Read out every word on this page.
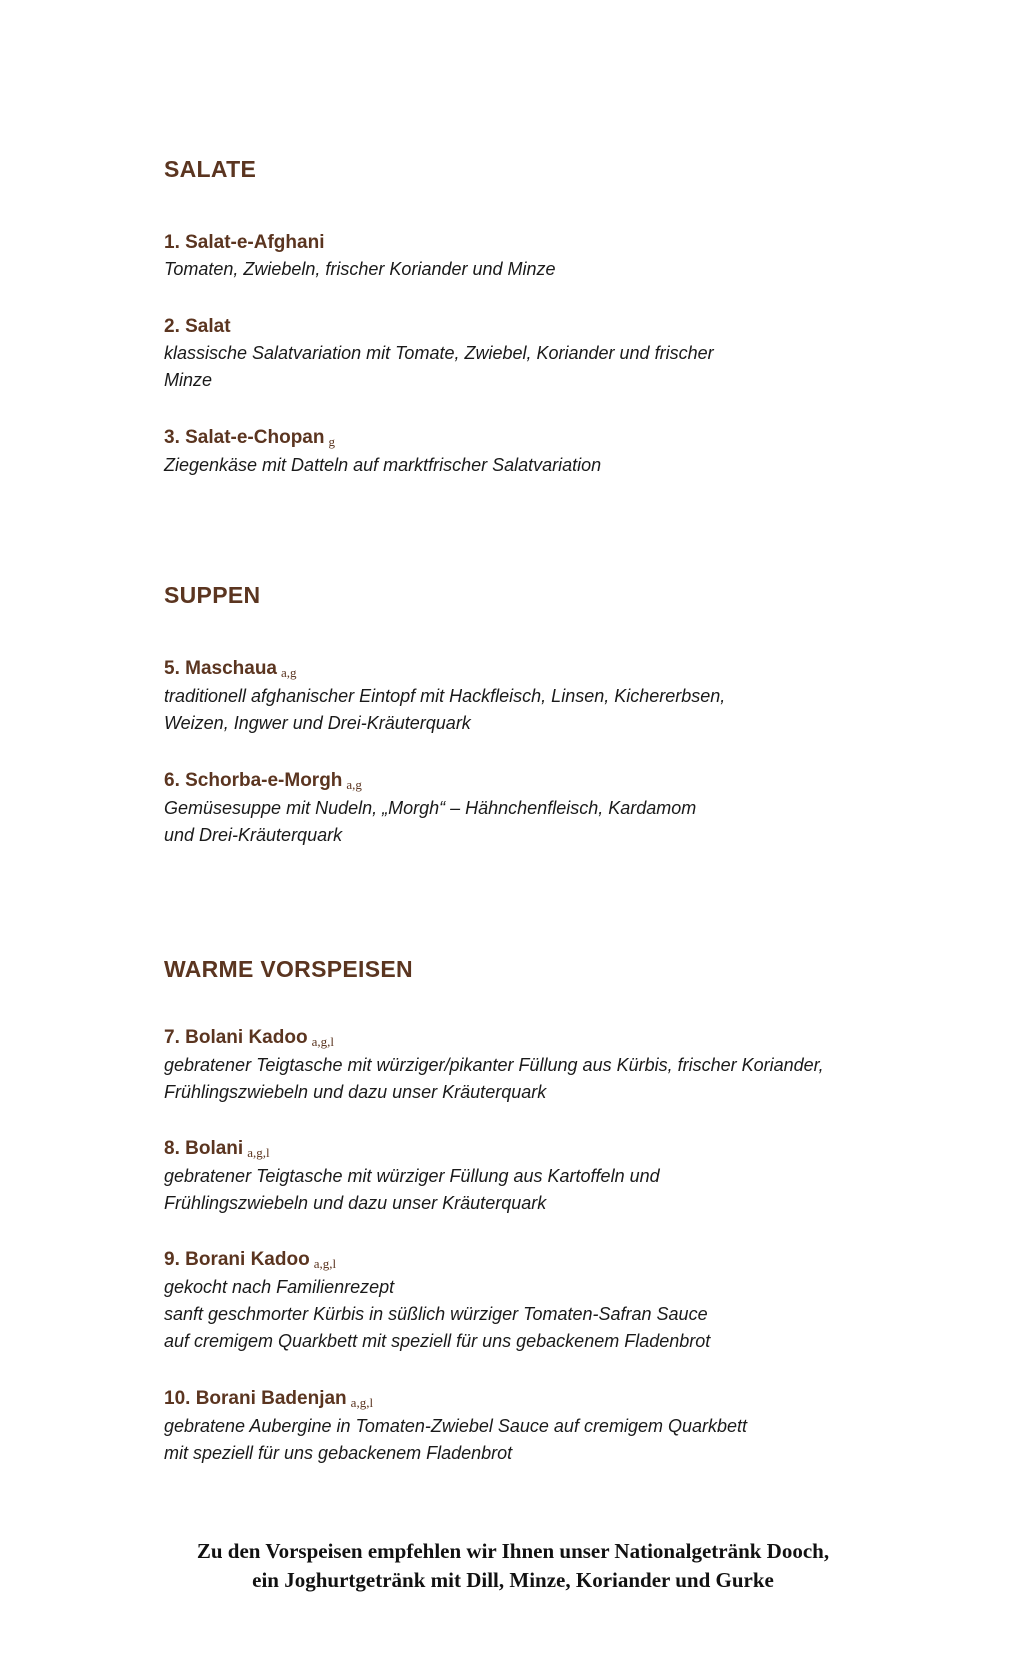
SALATE
1. Salat-e-Afghani
Tomaten, Zwiebeln, frischer Koriander und Minze
2. Salat
klassische Salatvariation mit Tomate, Zwiebel, Koriander und frischer
Minze
3. Salat-e-Chopan g
Ziegenkäse mit Datteln auf marktfrischer Salatvariation
SUPPEN
5. Maschaua a,g
traditionell afghanischer Eintopf mit Hackfleisch, Linsen, Kichererbsen,
Weizen, Ingwer und Drei-Kräuterquark
6. Schorba-e-Morgh a,g
Gemüsesuppe mit Nudeln, „Morgh“ – Hähnchenfleisch, Kardamom
und Drei-Kräuterquark
WARME VORSPEISEN
7. Bolani Kadoo a,g,l
gebratener Teigtasche mit würziger/pikanter Füllung aus Kürbis, frischer Koriander,
Frühlingszwiebeln und dazu unser Kräuterquark
8. Bolani a,g,l
gebratener Teigtasche mit würziger Füllung aus Kartoffeln und
Frühlingszwiebeln und dazu unser Kräuterquark
9. Borani Kadoo a,g,l
gekocht nach Familienrezept
sanft geschmorter Kürbis in süßlich würziger Tomaten-Safran Sauce
auf cremigem Quarkbett mit speziell für uns gebackenem Fladenbrot
10. Borani Badenjan a,g,l
gebratene Aubergine in Tomaten-Zwiebel Sauce auf cremigem Quarkbett
mit speziell für uns gebackenem Fladenbrot
Zu den Vorspeisen empfehlen wir Ihnen unser Nationalgetränk Dooch,
ein Joghurtgetränk mit Dill, Minze, Koriander und Gurke
